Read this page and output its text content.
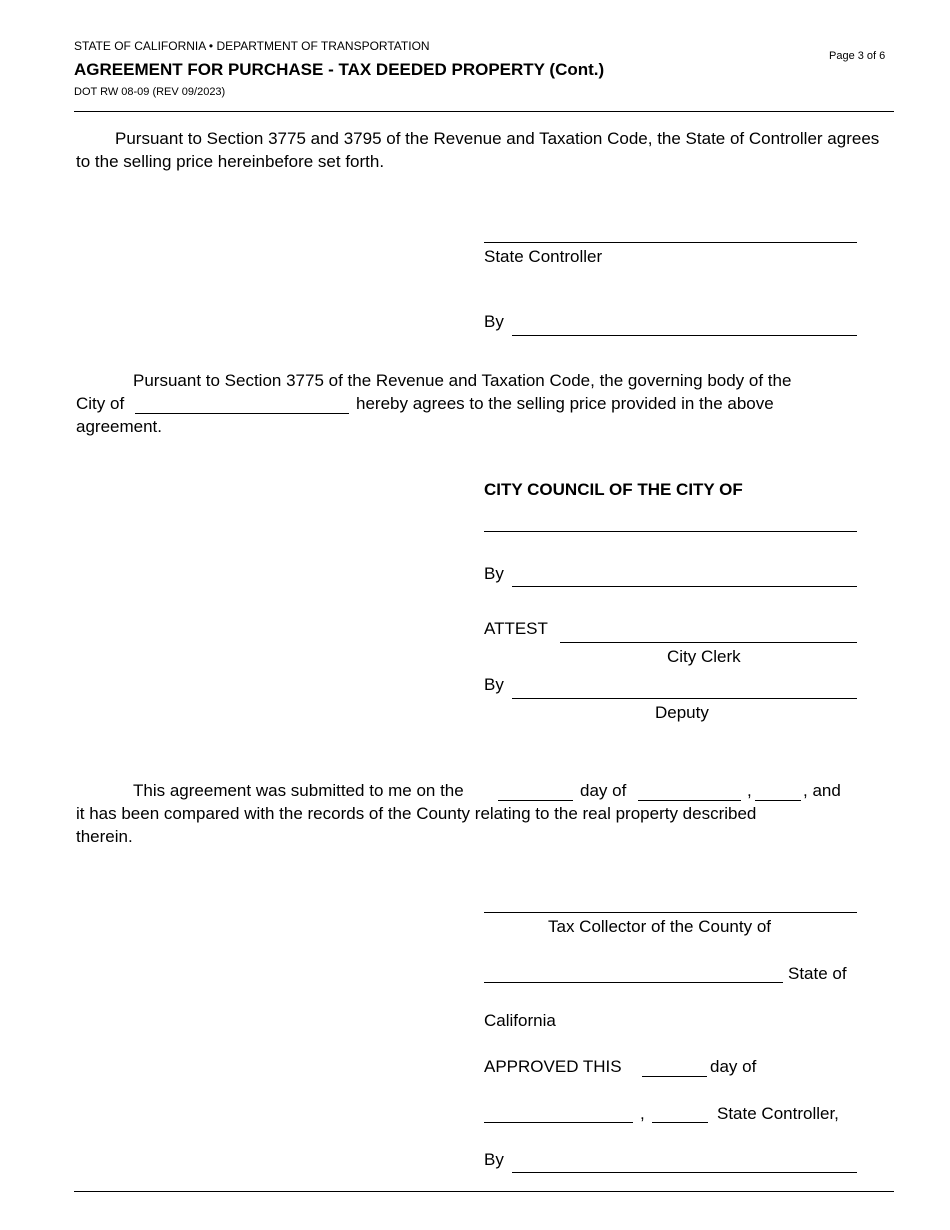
STATE OF CALIFORNIA • DEPARTMENT OF TRANSPORTATION
AGREEMENT FOR PURCHASE - TAX DEEDED PROPERTY (Cont.)
DOT RW 08-09 (REV 09/2023)
Page 3 of 6
Pursuant to Section 3775 and 3795 of the Revenue and Taxation Code, the State of Controller agrees to the selling price hereinbefore set forth.
State Controller
By
Pursuant to Section 3775 of the Revenue and Taxation Code, the governing body of the
City of	hereby agrees to the selling price provided in the above
agreement.
CITY COUNCIL OF THE CITY OF
By
ATTEST
City Clerk
By
Deputy
This agreement was submitted to me on the	day of	,	, and
it has been compared with the records of the County relating to the real property described
therein.
Tax Collector of the County of
State of
California
APPROVED THIS	day of
,	State Controller,
By
